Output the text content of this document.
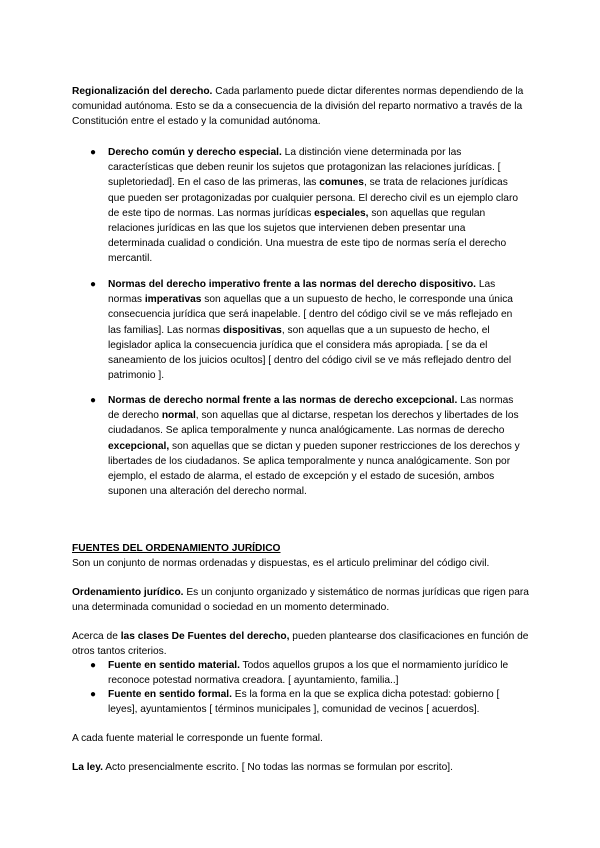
Regionalización del derecho. Cada parlamento puede dictar diferentes normas dependiendo de la comunidad autónoma. Esto se da a consecuencia de la división del reparto normativo a través de la Constitución entre el estado y la comunidad autónoma.

● Derecho común y derecho especial. La distinción viene determinada por las características que deben reunir los sujetos que protagonizan las relaciones jurídicas. [ supletoriedad]. En el caso de las primeras, las comunes, se trata de relaciones jurídicas que pueden ser protagonizadas por cualquier persona. El derecho civil es un ejemplo claro de este tipo de normas. Las normas jurídicas especiales, son aquellas que regulan relaciones jurídicas en las que los sujetos que intervienen deben presentar una determinada cualidad o condición. Una muestra de este tipo de normas sería el derecho mercantil.

● Normas del derecho imperativo frente a las normas del derecho dispositivo. Las normas imperativas son aquellas que a un supuesto de hecho, le corresponde una única consecuencia jurídica que será inapelable. [ dentro del código civil se ve más reflejado en las familias]. Las normas dispositivas, son aquellas que a un supuesto de hecho, el legislador aplica la consecuencia jurídica que el considera más apropiada. [ se da el saneamiento de los juicios ocultos] [ dentro del código civil se ve más reflejado dentro del patrimonio ].

● Normas de derecho normal frente a las normas de derecho excepcional. Las normas de derecho normal, son aquellas que al dictarse, respetan los derechos y libertades de los ciudadanos. Se aplica temporalmente y nunca analógicamente. Las normas de derecho excepcional, son aquellas que se dictan y pueden suponer restricciones de los derechos y libertades de los ciudadanos. Se aplica temporalmente y nunca analógicamente. Son por ejemplo, el estado de alarma, el estado de excepción y el estado de sucesión, ambos suponen una alteración del derecho normal.

FUENTES DEL ORDENAMIENTO JURÍDICO

Son un conjunto de normas ordenadas y dispuestas, es el articulo preliminar del código civil.

Ordenamiento jurídico. Es un conjunto organizado y sistemático de normas jurídicas que rigen para una determinada comunidad o sociedad en un momento determinado.

Acerca de las clases De Fuentes del derecho, pueden plantearse dos clasificaciones en función de otros tantos criterios.

● Fuente en sentido material. Todos aquellos grupos a los que el normamiento jurídico le reconoce potestad normativa creadora. [ ayuntamiento, familia..]

● Fuente en sentido formal. Es la forma en la que se explica dicha potestad: gobierno [ leyes], ayuntamientos [ términos municipales ], comunidad de vecinos [ acuerdos].

A cada fuente material le corresponde un fuente formal.

La ley. Acto presencialmente escrito. [ No todas las normas se formulan por escrito].
